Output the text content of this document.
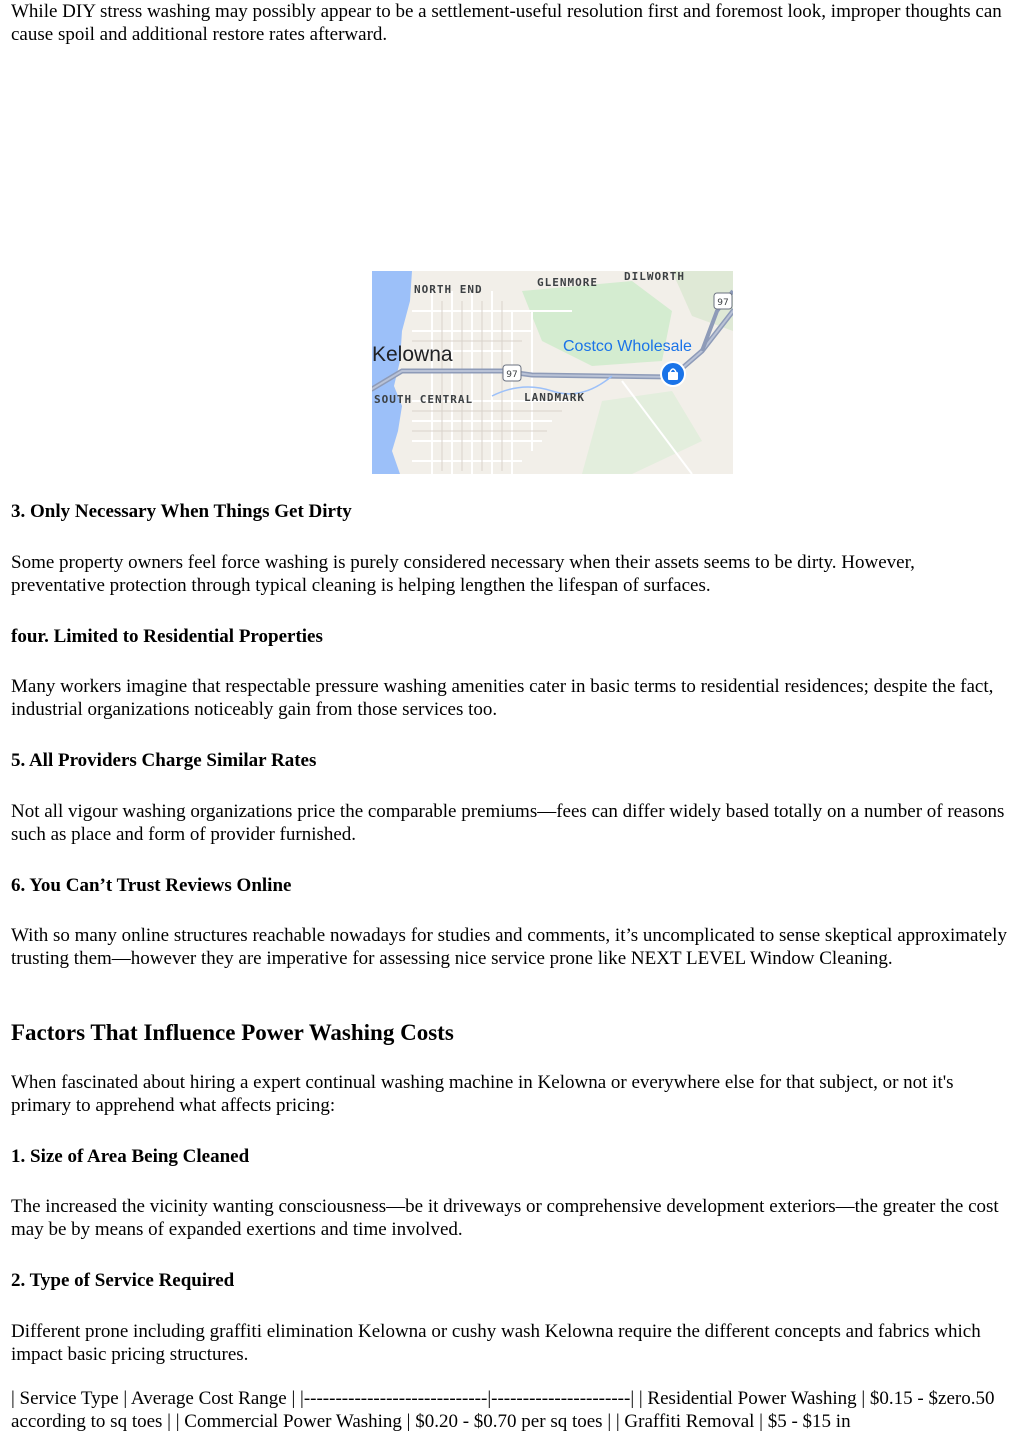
While DIY stress washing may possibly appear to be a settlement-useful resolution first and foremost look, improper thoughts can cause spoil and additional restore rates afterward.

97
97
NORTH END
GLENMORE DILWORTH
Kelowna
SOUTH CENTRAL	LANDMARK
Costco Wholesale
3. Only Necessary When Things Get Dirty

Some property owners feel force washing is purely considered necessary when their assets seems to be dirty. However, preventative protection through typical cleaning is helping lengthen the lifespan of surfaces.

four. Limited to Residential Properties

Many workers imagine that respectable pressure washing amenities cater in basic terms to residential residences; despite the fact, industrial organizations noticeably gain from those services too.

5. All Providers Charge Similar Rates

Not all vigour washing organizations price the comparable premiums—fees can differ widely based totally on a number of reasons such as place and form of provider furnished.

6. You Can’t Trust Reviews Online

With so many online structures reachable nowadays for studies and comments, it’s uncomplicated to sense skeptical approximately trusting them—however they are imperative for assessing nice service prone like NEXT LEVEL Window Cleaning.

Factors That Influence Power Washing Costs

When fascinated about hiring a expert continual washing machine in Kelowna or everywhere else for that subject, or not it's primary to apprehend what affects pricing:

1. Size of Area Being Cleaned

The increased the vicinity wanting consciousness—be it driveways or comprehensive development exteriors—the greater the cost may be by means of expanded exertions and time involved.

2. Type of Service Required

Different prone including graffiti elimination Kelowna or cushy wash Kelowna require the different concepts and fabrics which impact basic pricing structures.

| Service Type | Average Cost Range | |-----------------------------|----------------------| | Residential Power Washing | $0.15 - $zero.50 according to sq toes | | Commercial Power Washing | $0.20 - $0.70 per sq toes | | Graffiti Removal | $5 - $15 in
